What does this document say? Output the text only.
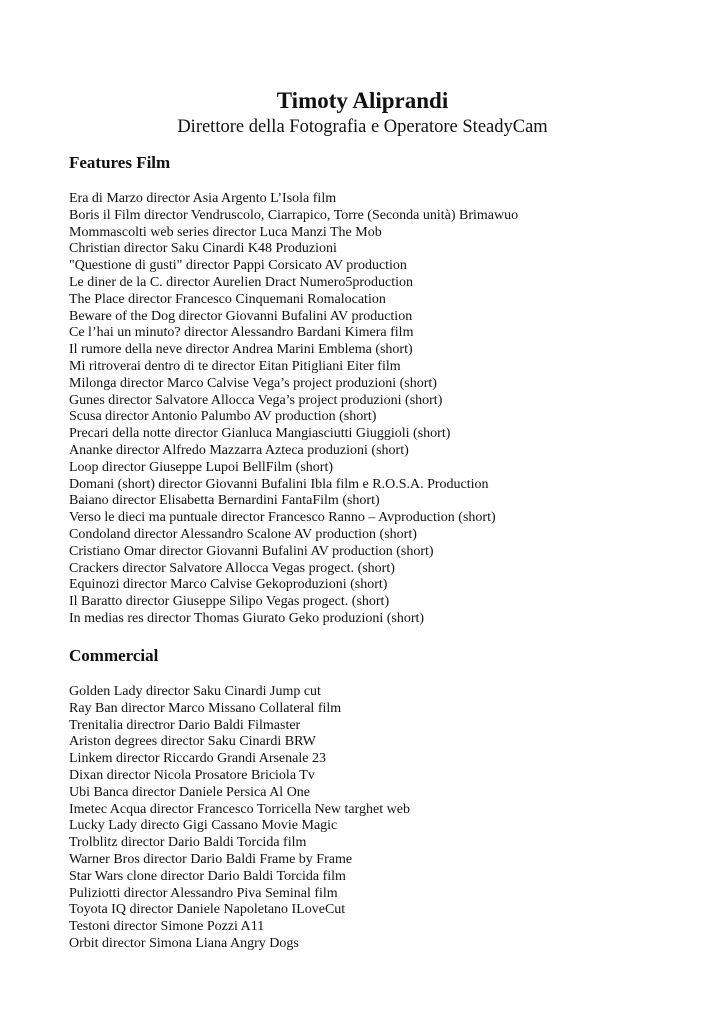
Timoty Aliprandi
Direttore della Fotografia e Operatore SteadyCam
Features Film
Era di Marzo director Asia Argento L’Isola film
Boris il Film director Vendruscolo, Ciarrapico, Torre (Seconda unità) Brimawuo
Mommascolti web series director Luca Manzi The Mob
Christian director Saku Cinardi K48 Produzioni
"Questione di gusti" director Pappi Corsicato AV production
Le diner de la C. director Aurelien Dract Numero5production
The Place director Francesco Cinquemani Romalocation
Beware of the Dog director Giovanni Bufalini AV production
Ce l’hai un minuto? director Alessandro Bardani Kimera film
Il rumore della neve director Andrea Marini Emblema (short)
Mi ritroverai dentro di te director Eitan Pitigliani Eiter film
Milonga director Marco Calvise Vega’s project produzioni (short)
Gunes director Salvatore Allocca Vega’s project produzioni (short)
Scusa director Antonio Palumbo AV production (short)
Precari della notte director Gianluca Mangiasciutti Giuggioli (short)
Ananke director Alfredo Mazzarra Azteca produzioni (short)
Loop director Giuseppe Lupoi BellFilm (short)
Domani (short) director Giovanni Bufalini Ibla film e R.O.S.A. Production
Baiano director Elisabetta Bernardini FantaFilm (short)
Verso le dieci ma puntuale director Francesco Ranno – Avproduction (short)
Condoland director Alessandro Scalone AV production (short)
Cristiano Omar director Giovanni Bufalini AV production (short)
Crackers director Salvatore Allocca Vegas progect. (short)
Equinozi director Marco Calvise Gekoproduzioni (short)
Il Baratto director Giuseppe Silipo Vegas progect. (short)
In medias res director Thomas Giurato Geko produzioni (short)
Commercial
Golden Lady director Saku Cinardi Jump cut
Ray Ban director Marco Missano Collateral film
Trenitalia directror Dario Baldi Filmaster
Ariston degrees director Saku Cinardi BRW
Linkem director Riccardo Grandi Arsenale 23
Dixan director Nicola Prosatore Briciola Tv
Ubi Banca director Daniele Persica Al One
Imetec Acqua director Francesco Torricella New targhet web
Lucky Lady directo Gigi Cassano Movie Magic
Trolblitz director Dario Baldi Torcida film
Warner Bros director Dario Baldi Frame by Frame
Star Wars clone director Dario Baldi Torcida film
Puliziotti director Alessandro Piva Seminal film
Toyota IQ director Daniele Napoletano ILoveCut
Testoni director Simone Pozzi A11
Orbit director Simona Liana Angry Dogs
